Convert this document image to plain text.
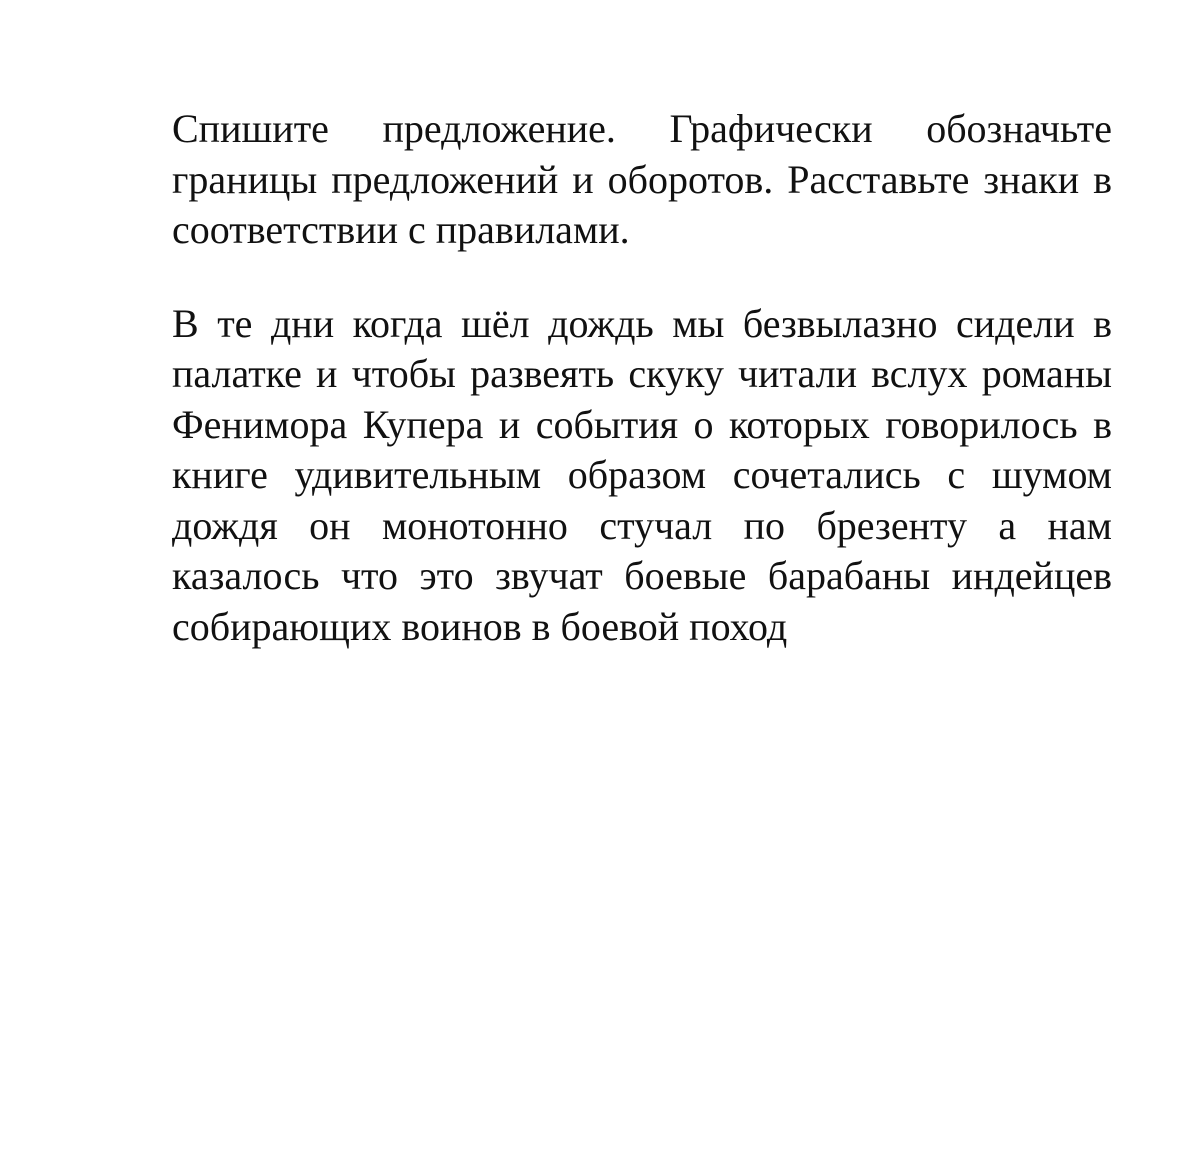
Спишите предложение. Графически обозначьте границы предложений и оборотов. Расставьте знаки в соответствии с правилами.

В те дни когда шёл дождь мы безвылазно сидели в палатке и чтобы развеять скуку читали вслух романы Фенимора Купера и события о которых говорилось в книге удивительным образом сочетались с шумом дождя он монотонно стучал по брезенту а нам казалось что это звучат боевые барабаны индейцев собирающих воинов в боевой поход
